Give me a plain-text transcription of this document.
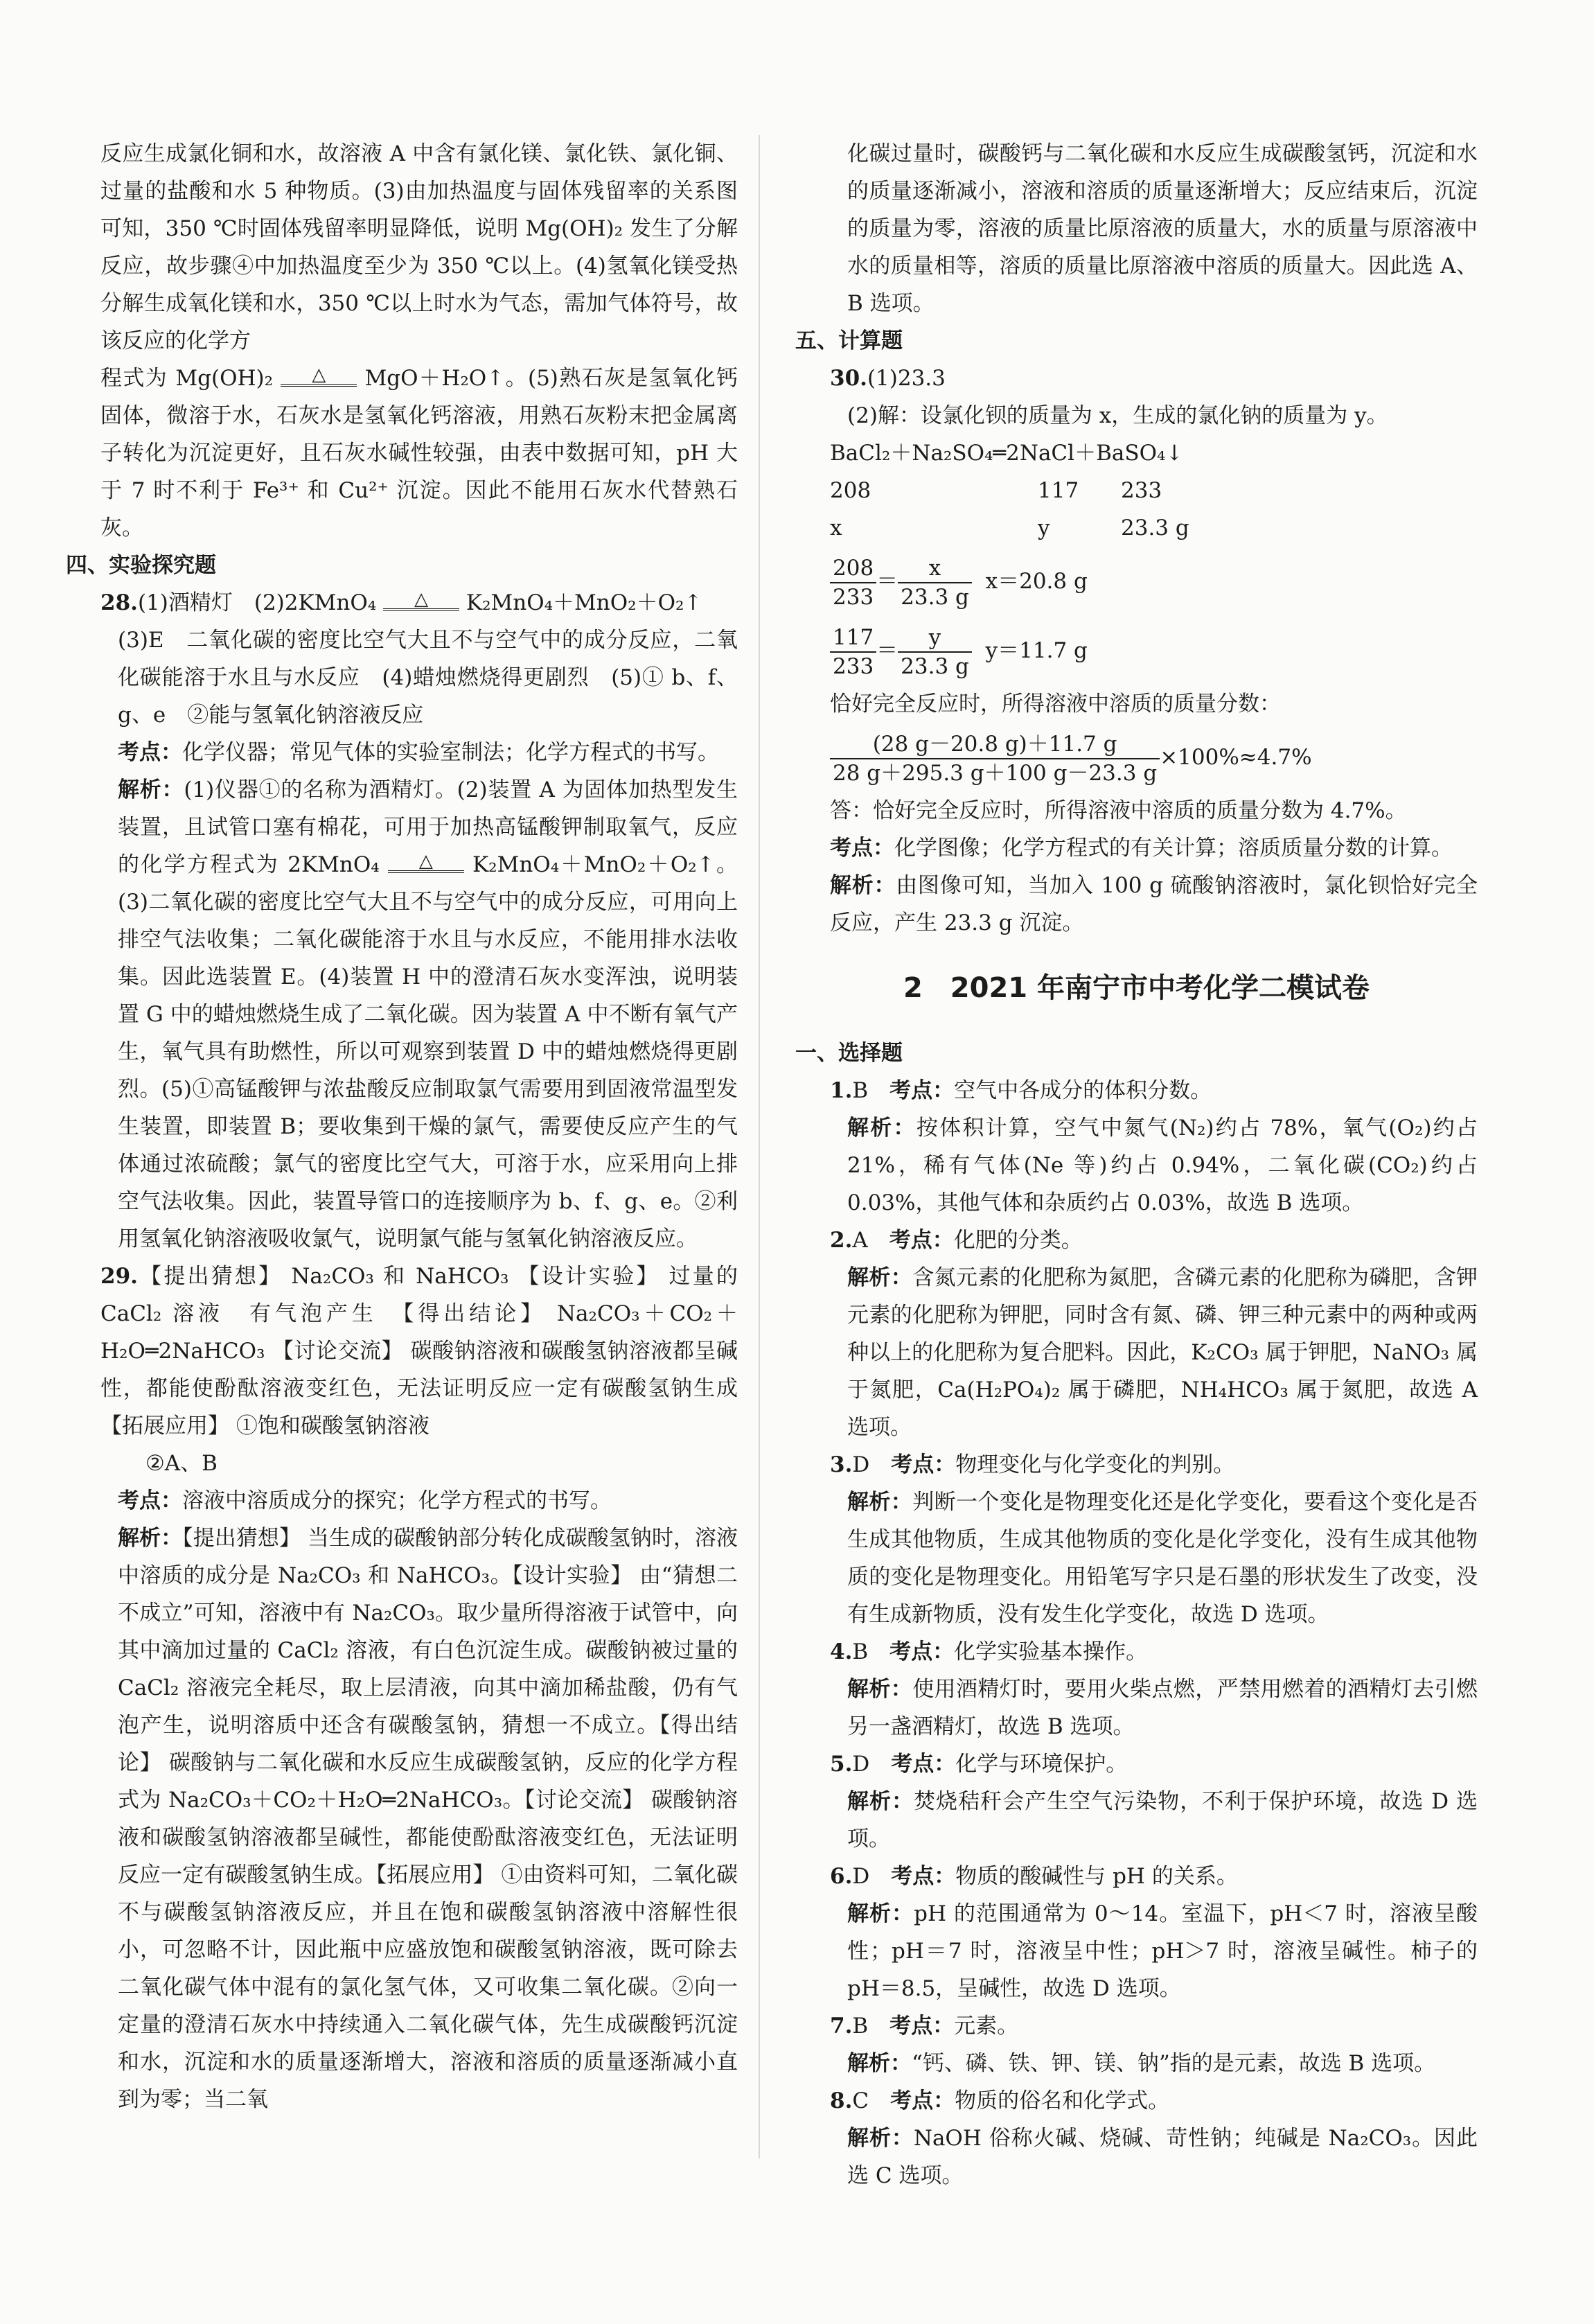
反应生成氯化铜和水，故溶液 A 中含有氯化镁、氯化铁、氯化铜、过量的盐酸和水 5 种物质。(3)由加热温度与固体残留率的关系图可知，350 ℃时固体残留率明显降低，说明 Mg(OH)₂ 发生了分解反应，故步骤④中加热温度至少为 350 ℃以上。(4)氢氧化镁受热分解生成氧化镁和水，350 ℃以上时水为气态，需加气体符号，故该反应的化学方

程式为 Mg(OH)₂	△	MgO＋H₂O↑。(5)熟石灰是氢氧化钙固体，微溶于水，石灰水是氢氧化钙溶液，用熟石灰粉末把金属离子转化为沉淀更好，且石灰水碱性较强，由表中数据可知，pH 大于 7 时不利于 Fe³⁺ 和 Cu²⁺ 沉淀。因此不能用石灰水代替熟石灰。

四、实验探究题

28.(1)酒精灯　(2)2KMnO₄	△	K₂MnO₄＋MnO₂＋O₂↑

(3)E　二氧化碳的密度比空气大且不与空气中的成分反应，二氧化碳能溶于水且与水反应　(4)蜡烛燃烧得更剧烈　(5)① b、f、g、e　②能与氢氧化钠溶液反应

考点：化学仪器；常见气体的实验室制法；化学方程式的书写。

解析：(1)仪器①的名称为酒精灯。(2)装置 A 为固体加热型发生装置，且试管口塞有棉花，可用于加热高锰酸钾制取氧气，反应的化学方程式为 2KMnO₄	△	K₂MnO₄＋MnO₂＋O₂↑。(3)二氧化碳的密度比空气大且不与空气中的成分反应，可用向上排空气法收集；二氧化碳能溶于水且与水反应，不能用排水法收集。因此选装置 E。(4)装置 H 中的澄清石灰水变浑浊，说明装置 G 中的蜡烛燃烧生成了二氧化碳。因为装置 A 中不断有氧气产生，氧气具有助燃性，所以可观察到装置 D 中的蜡烛燃烧得更剧烈。(5)①高锰酸钾与浓盐酸反应制取氯气需要用到固液常温型发生装置，即装置 B；要收集到干燥的氯气，需要使反应产生的气体通过浓硫酸；氯气的密度比空气大，可溶于水，应采用向上排空气法收集。因此，装置导管口的连接顺序为 b、f、g、e。②利用氢氧化钠溶液吸收氯气，说明氯气能与氢氧化钠溶液反应。

29.【提出猜想】 Na₂CO₃ 和 NaHCO₃ 【设计实验】 过量的 CaCl₂ 溶液　有气泡产生　【得出结论】 Na₂CO₃＋CO₂＋H₂O═2NaHCO₃ 【讨论交流】 碳酸钠溶液和碳酸氢钠溶液都呈碱性，都能使酚酞溶液变红色，无法证明反应一定有碳酸氢钠生成　【拓展应用】 ①饱和碳酸氢钠溶液

②A、B

考点：溶液中溶质成分的探究；化学方程式的书写。

解析：【提出猜想】 当生成的碳酸钠部分转化成碳酸氢钠时，溶液中溶质的成分是 Na₂CO₃ 和 NaHCO₃。【设计实验】 由“猜想二不成立”可知，溶液中有 Na₂CO₃。取少量所得溶液于试管中，向其中滴加过量的 CaCl₂ 溶液，有白色沉淀生成。碳酸钠被过量的 CaCl₂ 溶液完全耗尽，取上层清液，向其中滴加稀盐酸，仍有气泡产生，说明溶质中还含有碳酸氢钠，猜想一不成立。【得出结论】 碳酸钠与二氧化碳和水反应生成碳酸氢钠，反应的化学方程式为 Na₂CO₃＋CO₂＋H₂O═2NaHCO₃。【讨论交流】 碳酸钠溶液和碳酸氢钠溶液都呈碱性，都能使酚酞溶液变红色，无法证明反应一定有碳酸氢钠生成。【拓展应用】 ①由资料可知，二氧化碳不与碳酸氢钠溶液反应，并且在饱和碳酸氢钠溶液中溶解性很小，可忽略不计，因此瓶中应盛放饱和碳酸氢钠溶液，既可除去二氧化碳气体中混有的氯化氢气体，又可收集二氧化碳。②向一定量的澄清石灰水中持续通入二氧化碳气体，先生成碳酸钙沉淀和水，沉淀和水的质量逐渐增大，溶液和溶质的质量逐渐减小直到为零；当二氧

化碳过量时，碳酸钙与二氧化碳和水反应生成碳酸氢钙，沉淀和水的质量逐渐减小，溶液和溶质的质量逐渐增大；反应结束后，沉淀的质量为零，溶液的质量比原溶液的质量大，水的质量与原溶液中水的质量相等，溶质的质量比原溶液中溶质的质量大。因此选 A、B 选项。

五、计算题

30.(1)23.3

(2)解：设氯化钡的质量为 x，生成的氯化钠的质量为 y。

BaCl₂＋Na₂SO₄═2NaCl＋BaSO₄↓

208	117 233

x	y	23.3 g

$\frac{208}{233} = \frac{x}{23.3 g} x=20.8$ g

$\frac{117}{233} = \frac{y}{23.3 g} y=11.7$ g

恰好完全反应时，所得溶液中溶质的质量分数：

$\frac{(28 g-20.8 g)+11.7 g}{28 g+295.3 g+100 g-23.3 g} \times 100\%\approx 4.7\%$

答：恰好完全反应时，所得溶液中溶质的质量分数为 4.7%。

考点：化学图像；化学方程式的有关计算；溶质质量分数的计算。

解析：由图像可知，当加入 100 g 硫酸钠溶液时，氯化钡恰好完全反应，产生 23.3 g 沉淀。

2　2021 年南宁市中考化学二模试卷

一、选择题

1.B　 考点：空气中各成分的体积分数。

解析：按体积计算，空气中氮气(N₂)约占 78%，氧气(O₂)约占 21%，稀有气体(Ne 等)约占 0.94%，二氧化碳(CO₂)约占 0.03%，其他气体和杂质约占 0.03%，故选 B 选项。

2.A　 考点：化肥的分类。

解析：含氮元素的化肥称为氮肥，含磷元素的化肥称为磷肥，含钾元素的化肥称为钾肥，同时含有氮、磷、钾三种元素中的两种或两种以上的化肥称为复合肥料。因此，K₂CO₃ 属于钾肥，NaNO₃ 属于氮肥，Ca(H₂PO₄)₂ 属于磷肥，NH₄HCO₃ 属于氮肥，故选 A 选项。

3.D　 考点：物理变化与化学变化的判别。

解析：判断一个变化是物理变化还是化学变化，要看这个变化是否生成其他物质，生成其他物质的变化是化学变化，没有生成其他物质的变化是物理变化。用铅笔写字只是石墨的形状发生了改变，没有生成新物质，没有发生化学变化，故选 D 选项。

4.B　 考点：化学实验基本操作。

解析：使用酒精灯时，要用火柴点燃，严禁用燃着的酒精灯去引燃另一盏酒精灯，故选 B 选项。

5.D　 考点：化学与环境保护。

解析：焚烧秸秆会产生空气污染物，不利于保护环境，故选 D 选项。

6.D　 考点：物质的酸碱性与 pH 的关系。

解析：pH 的范围通常为 0～14。室温下，pH＜7 时，溶液呈酸性；pH＝7 时，溶液呈中性；pH＞7 时，溶液呈碱性。柿子的 pH＝8.5，呈碱性，故选 D 选项。

7.B　 考点：元素。

解析：“钙、磷、铁、钾、镁、钠”指的是元素，故选 B 选项。

8.C　 考点：物质的俗名和化学式。

解析：NaOH 俗称火碱、烧碱、苛性钠；纯碱是 Na₂CO₃。因此选 C 选项。
